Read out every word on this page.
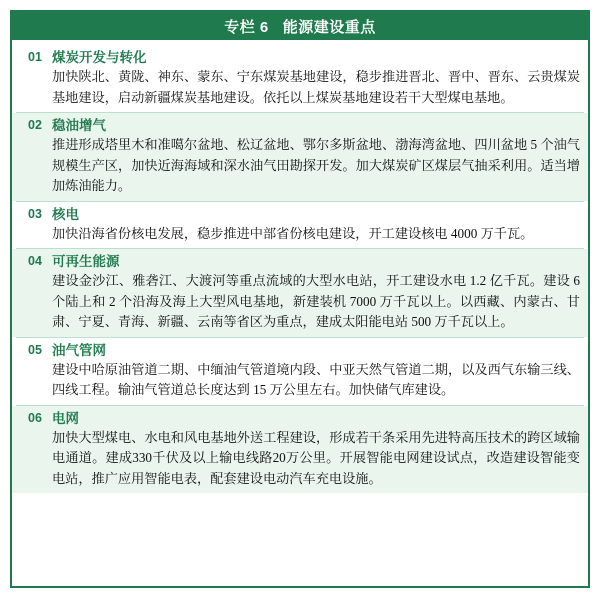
专栏 6 能源建设重点
01 煤炭开发与转化
加快陕北、黄陇、神东、蒙东、宁东煤炭基地建设，稳步推进晋北、晋中、晋东、云贵煤炭基地建设，启动新疆煤炭基地建设。依托以上煤炭基地建设若干大型煤电基地。
02 稳油增气
推进形成塔里木和准噶尔盆地、松辽盆地、鄂尔多斯盆地、渤海湾盆地、四川盆地 5 个油气规模生产区，加快近海海域和深水油气田勘探开发。加大煤炭矿区煤层气抽采利用。适当增加炼油能力。
03 核电
加快沿海省份核电发展，稳步推进中部省份核电建设，开工建设核电 4000 万千瓦。
04 可再生能源
建设金沙江、雅砻江、大渡河等重点流域的大型水电站，开工建设水电 1.2 亿千瓦。建设 6 个陆上和 2 个沿海及海上大型风电基地，新建装机 7000 万千瓦以上。以西藏、内蒙古、甘肃、宁夏、青海、新疆、云南等省区为重点，建成太阳能电站 500 万千瓦以上。
05 油气管网
建设中哈原油管道二期、中缅油气管道境内段、中亚天然气管道二期，以及西气东输三线、四线工程。输油气管道总长度达到 15 万公里左右。加快储气库建设。
06 电网
加快大型煤电、水电和风电基地外送工程建设，形成若干条采用先进特高压技术的跨区域输电通道。建成330千伏及以上输电线路20万公里。开展智能电网建设试点，改造建设智能变电站，推广应用智能电表，配套建设电动汽车充电设施。
